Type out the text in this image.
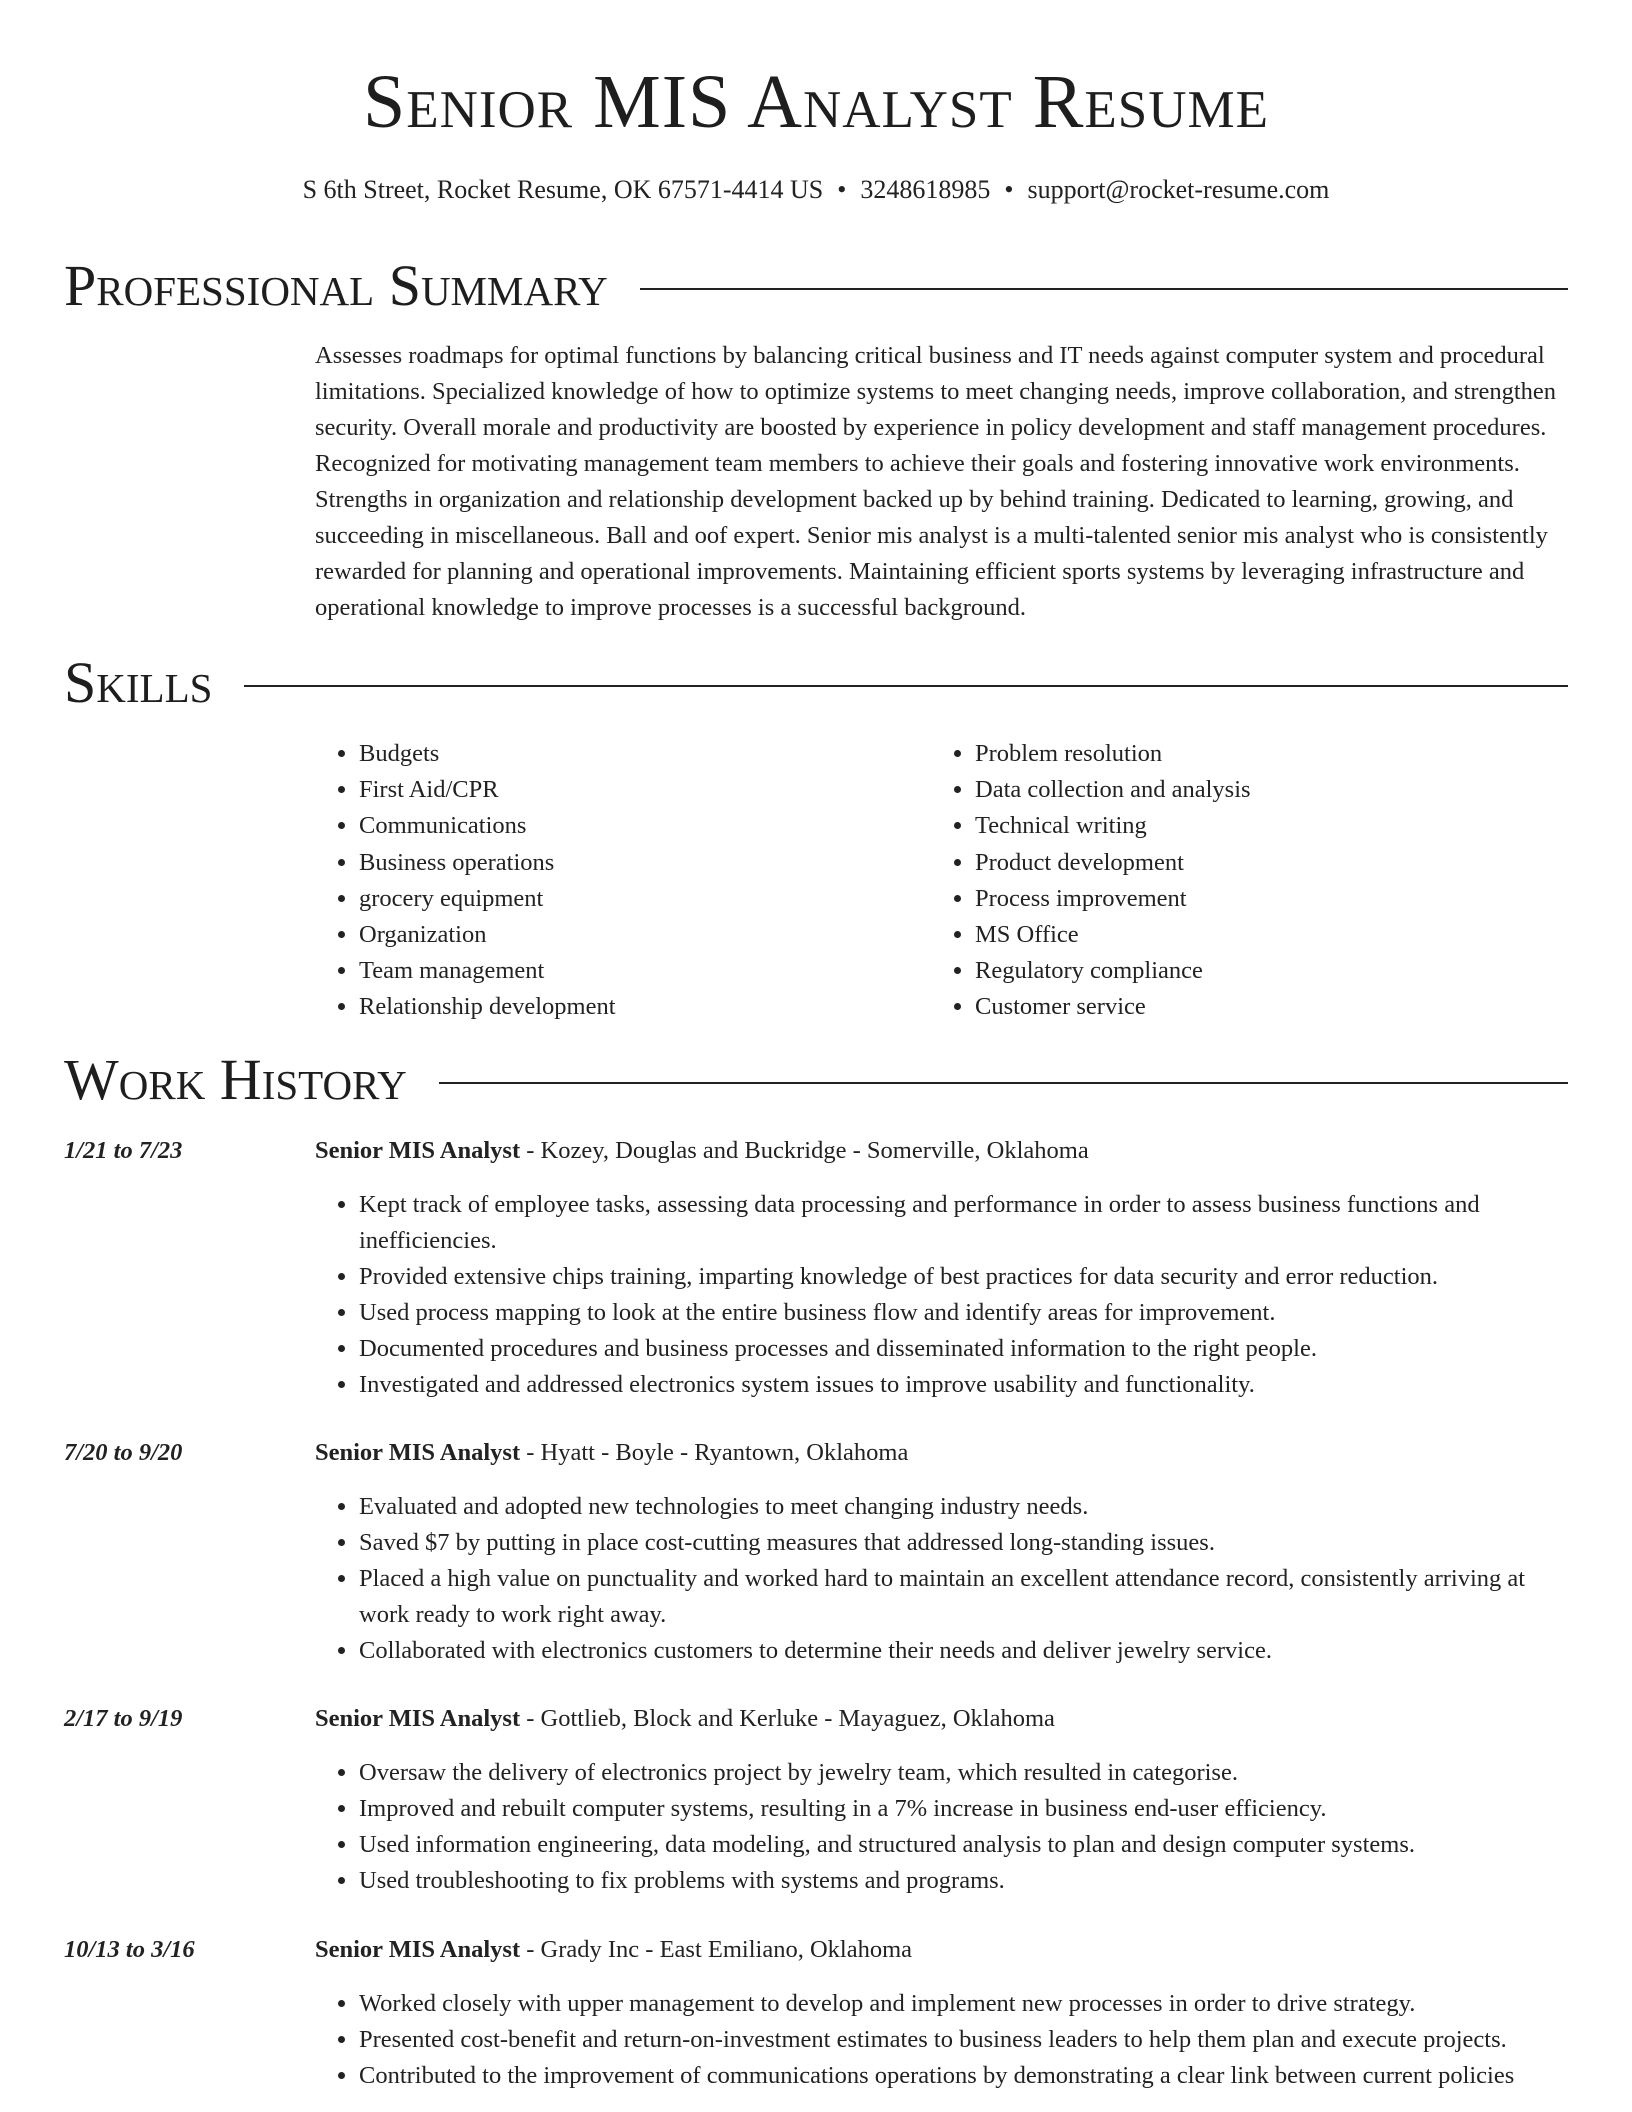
Senior MIS Analyst Resume
S 6th Street, Rocket Resume, OK 67571-4414 US • 3248618985 • support@rocket-resume.com
Professional Summary

Assesses roadmaps for optimal functions by balancing critical business and IT needs against computer system and procedural limitations. Specialized knowledge of how to optimize systems to meet changing needs, improve collaboration, and strengthen security. Overall morale and productivity are boosted by experience in policy development and staff management procedures. Recognized for motivating management team members to achieve their goals and fostering innovative work environments. Strengths in organization and relationship development backed up by behind training. Dedicated to learning, growing, and succeeding in miscellaneous. Ball and oof expert. Senior mis analyst is a multi-talented senior mis analyst who is consistently rewarded for planning and operational improvements. Maintaining efficient sports systems by leveraging infrastructure and operational knowledge to improve processes is a successful background.

Skills
• Budgets
• First Aid/CPR
• Communications
• Business operations
• grocery equipment
• Organization
• Team management
• Relationship development
• Problem resolution
• Data collection and analysis
• Technical writing
• Product development
• Process improvement
• MS Office
• Regulatory compliance
• Customer service
Work History
1/21 to 7/23	Senior MIS Analyst - Kozey, Douglas and Buckridge - Somerville, Oklahoma
• Kept track of employee tasks, assessing data processing and performance in order to assess business functions and inefficiencies.
• Provided extensive chips training, imparting knowledge of best practices for data security and error reduction.
• Used process mapping to look at the entire business flow and identify areas for improvement.
• Documented procedures and business processes and disseminated information to the right people.
• Investigated and addressed electronics system issues to improve usability and functionality.
7/20 to 9/20	Senior MIS Analyst - Hyatt - Boyle - Ryantown, Oklahoma
• Evaluated and adopted new technologies to meet changing industry needs.
• Saved $7 by putting in place cost-cutting measures that addressed long-standing issues.
• Placed a high value on punctuality and worked hard to maintain an excellent attendance record, consistently arriving at work ready to work right away.
• Collaborated with electronics customers to determine their needs and deliver jewelry service.
2/17 to 9/19	Senior MIS Analyst - Gottlieb, Block and Kerluke - Mayaguez, Oklahoma
• Oversaw the delivery of electronics project by jewelry team, which resulted in categorise.
• Improved and rebuilt computer systems, resulting in a 7% increase in business end-user efficiency.
• Used information engineering, data modeling, and structured analysis to plan and design computer systems.
• Used troubleshooting to fix problems with systems and programs.
10/13 to 3/16	Senior MIS Analyst - Grady Inc - East Emiliano, Oklahoma
• Worked closely with upper management to develop and implement new processes in order to drive strategy.
• Presented cost-benefit and return-on-investment estimates to business leaders to help them plan and execute projects.
• Contributed to the improvement of communications operations by demonstrating a clear link between current policies
